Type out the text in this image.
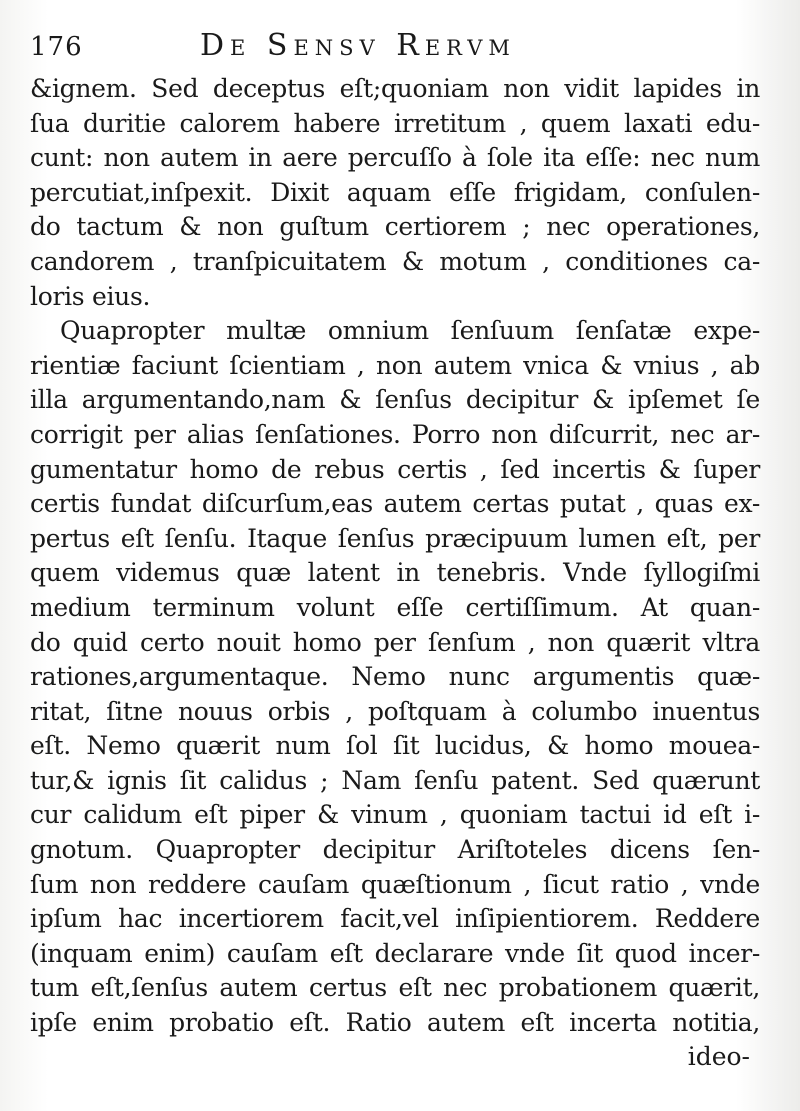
176	De Sensv Rervm
&ignem. Sed deceptus eſt;quoniam non vidit lapides in
ſua duritie calorem habere irretitum , quem laxati edu-
cunt: non autem in aere percuſſo à ſole ita eſſe: nec num
percutiat,inſpexit. Dixit aquam eſſe frigidam, conſulen-
do tactum & non guſtum certiorem ; nec operationes,
candorem , tranſpicuitatem & motum , conditiones ca-
loris eius.
Quapropter multæ omnium ſenſuum ſenſatæ expe-
rientiæ faciunt ſcientiam , non autem vnica & vnius , ab
illa argumentando,nam & ſenſus decipitur & ipſemet ſe
corrigit per alias ſenſationes. Porro non diſcurrit, nec ar-
gumentatur homo de rebus certis , ſed incertis & ſuper
certis fundat diſcurſum,eas autem certas putat , quas ex-
pertus eſt ſenſu. Itaque ſenſus præcipuum lumen eſt, per
quem videmus quæ latent in tenebris. Vnde ſyllogiſmi
medium terminum volunt eſſe certiſſimum. At quan-
do quid certo nouit homo per ſenſum , non quærit vltra
rationes,argumentaque. Nemo nunc argumentis quæ-
ritat, ſitne nouus orbis , poſtquam à columbo inuentus
eſt. Nemo quærit num ſol ſit lucidus, & homo moueа-
tur,& ignis ſit calidus ; Nam ſenſu patent. Sed quærunt
cur calidum eſt piper & vinum , quoniam tactui id eſt i-
gnotum. Quapropter decipitur Ariſtoteles dicens ſen-
ſum non reddere cauſam quæſtionum , ſicut ratio , vnde
ipſum hac incertiorem facit,vel inſipientiorem. Reddere
(inquam enim) cauſam eſt declarare vnde ſit quod incer-
tum eſt,ſenſus autem certus eſt nec probationem quærit,
ipſe enim probatio eſt. Ratio autem eſt incerta notitia,
ideo-
